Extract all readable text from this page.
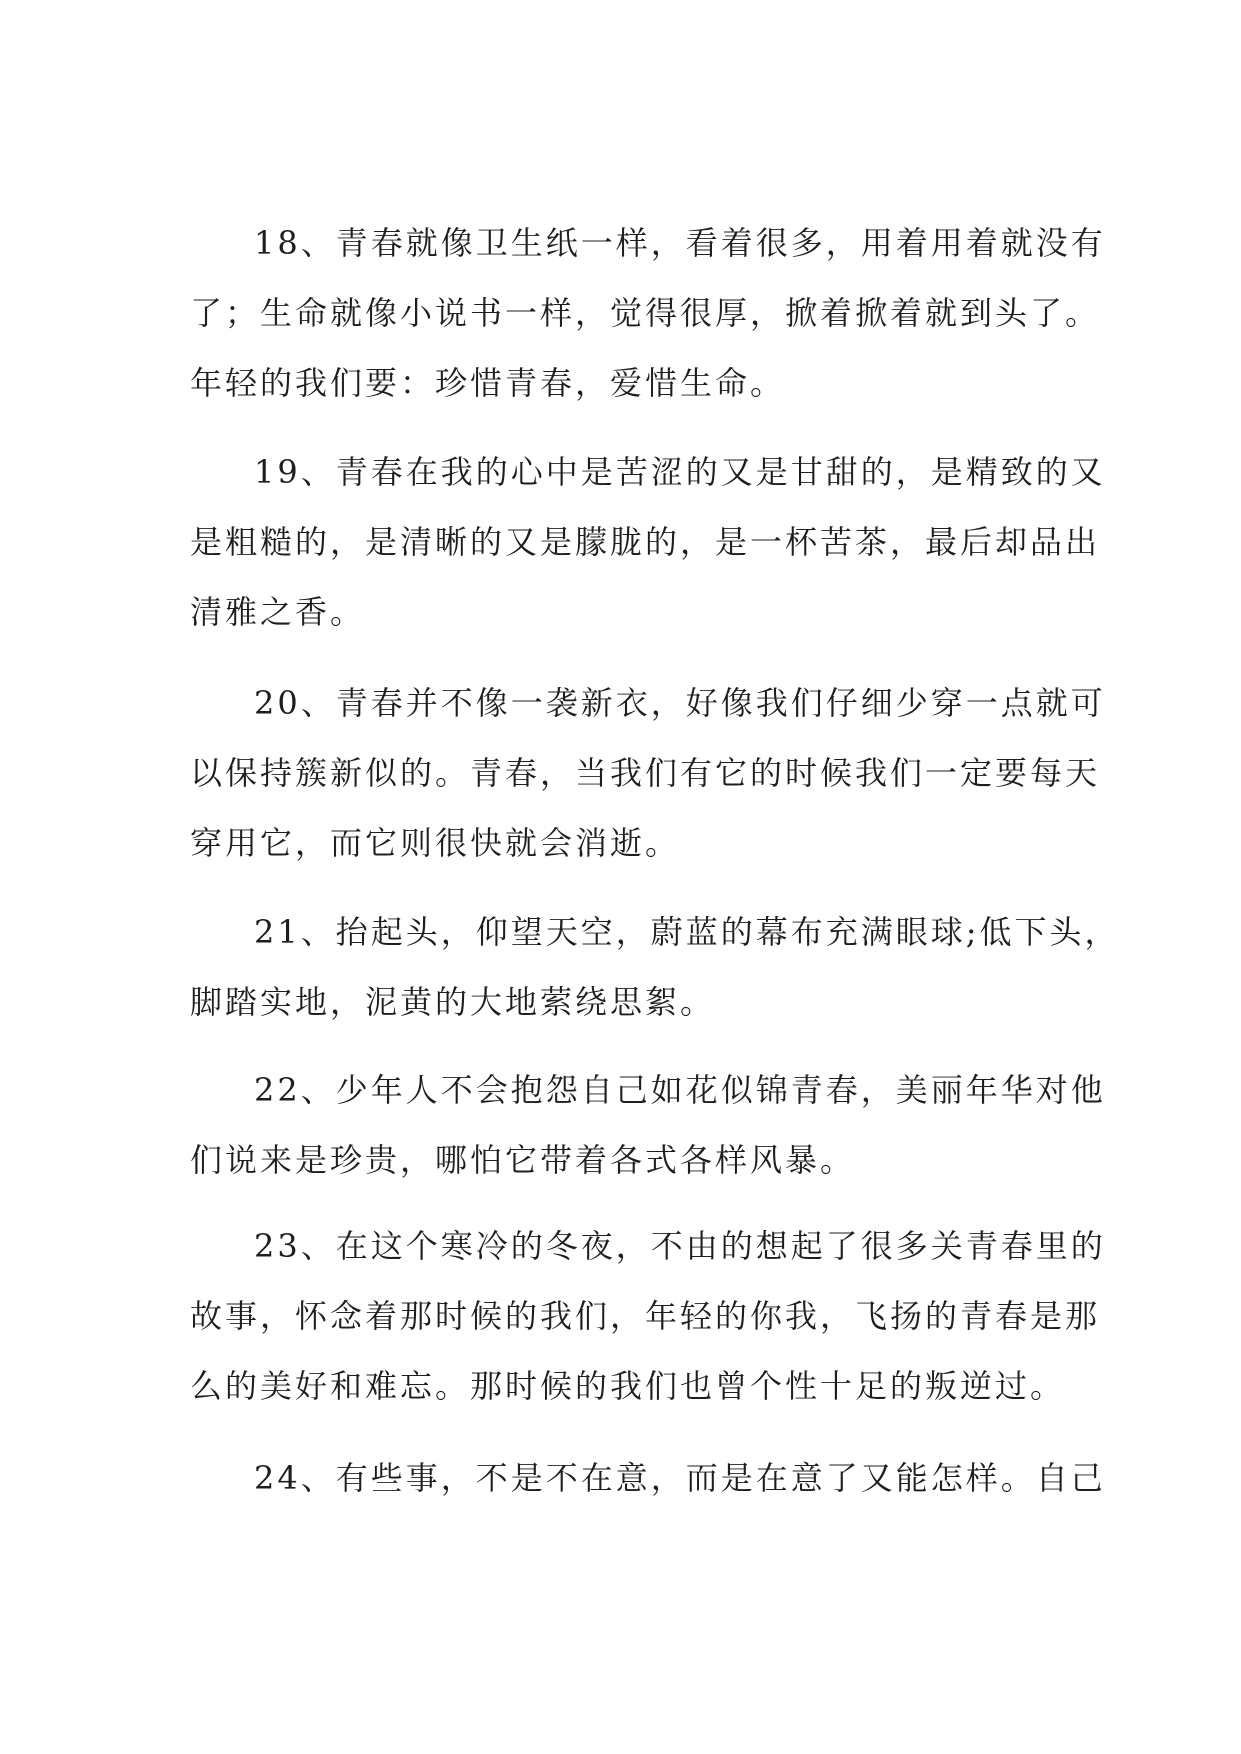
18、青春就像卫生纸一样，看着很多，用着用着就没有
了；生命就像小说书一样，觉得很厚，掀着掀着就到头了。
年轻的我们要：珍惜青春，爱惜生命。
19、青春在我的心中是苦涩的又是甘甜的，是精致的又
是粗糙的，是清晰的又是朦胧的，是一杯苦茶，最后却品出
清雅之香。
20、青春并不像一袭新衣，好像我们仔细少穿一点就可
以保持簇新似的。青春，当我们有它的时候我们一定要每天
穿用它，而它则很快就会消逝。
21、抬起头，仰望天空，蔚蓝的幕布充满眼球;低下头，
脚踏实地，泥黄的大地萦绕思絮。
22、少年人不会抱怨自己如花似锦青春，美丽年华对他
们说来是珍贵，哪怕它带着各式各样风暴。
23、在这个寒冷的冬夜，不由的想起了很多关青春里的
故事，怀念着那时候的我们，年轻的你我，飞扬的青春是那
么的美好和难忘。那时候的我们也曾个性十足的叛逆过。
24、有些事，不是不在意，而是在意了又能怎样。自己
